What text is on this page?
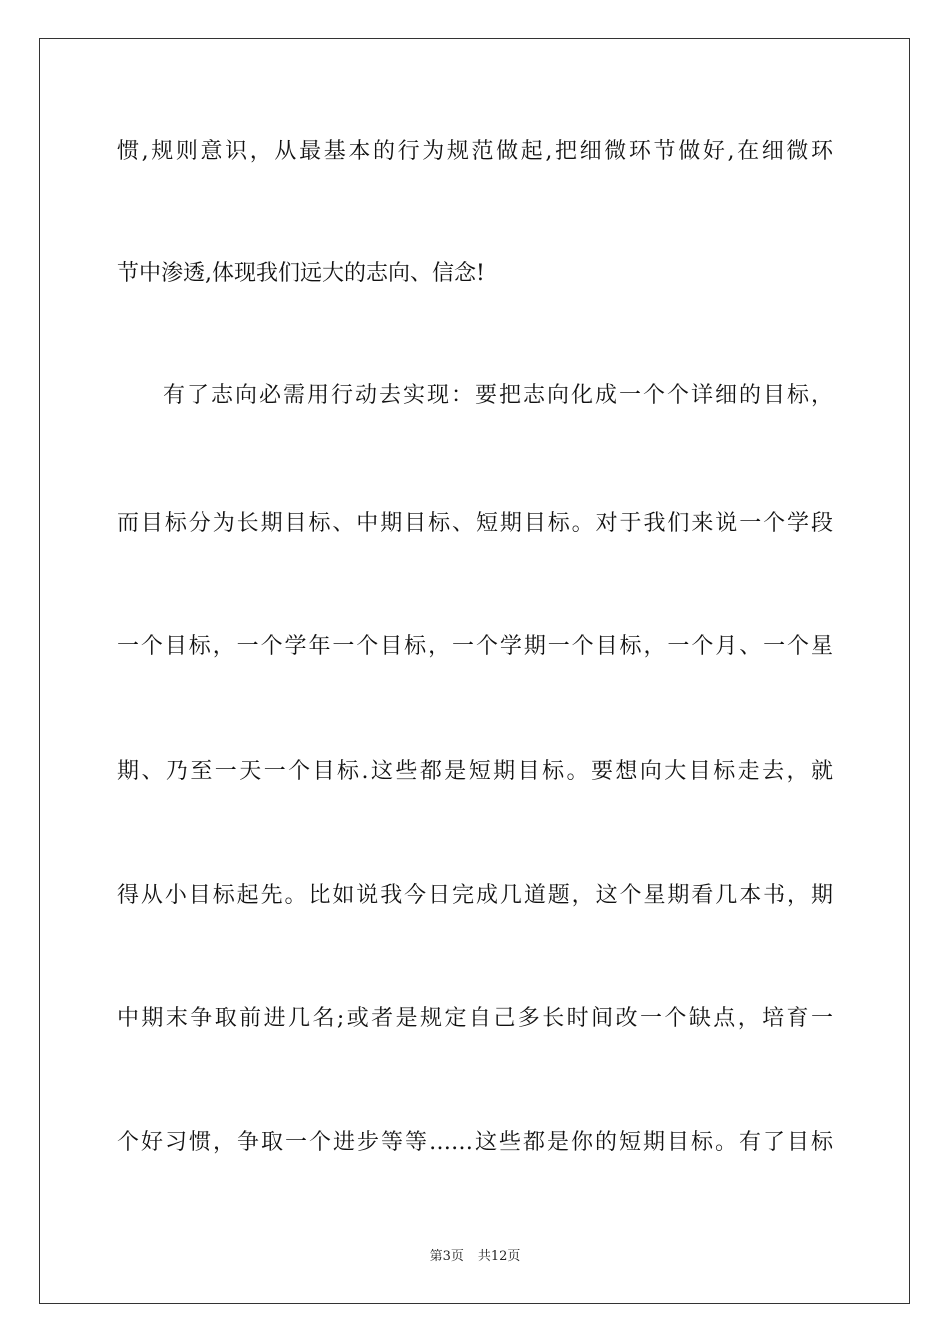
惯,规则意识，从最基本的行为规范做起,把细微环节做好,在细微环
节中渗透,体现我们远大的志向、信念!
有了志向必需用行动去实现：要把志向化成一个个详细的目标，
而目标分为长期目标、中期目标、短期目标。对于我们来说一个学段
一个目标，一个学年一个目标，一个学期一个目标，一个月、一个星
期、乃至一天一个目标.这些都是短期目标。要想向大目标走去，就
得从小目标起先。比如说我今日完成几道题，这个星期看几本书，期
中期末争取前进几名;或者是规定自己多长时间改一个缺点，培育一
个好习惯，争取一个进步等等……这些都是你的短期目标。有了目标
第3页 共12页
